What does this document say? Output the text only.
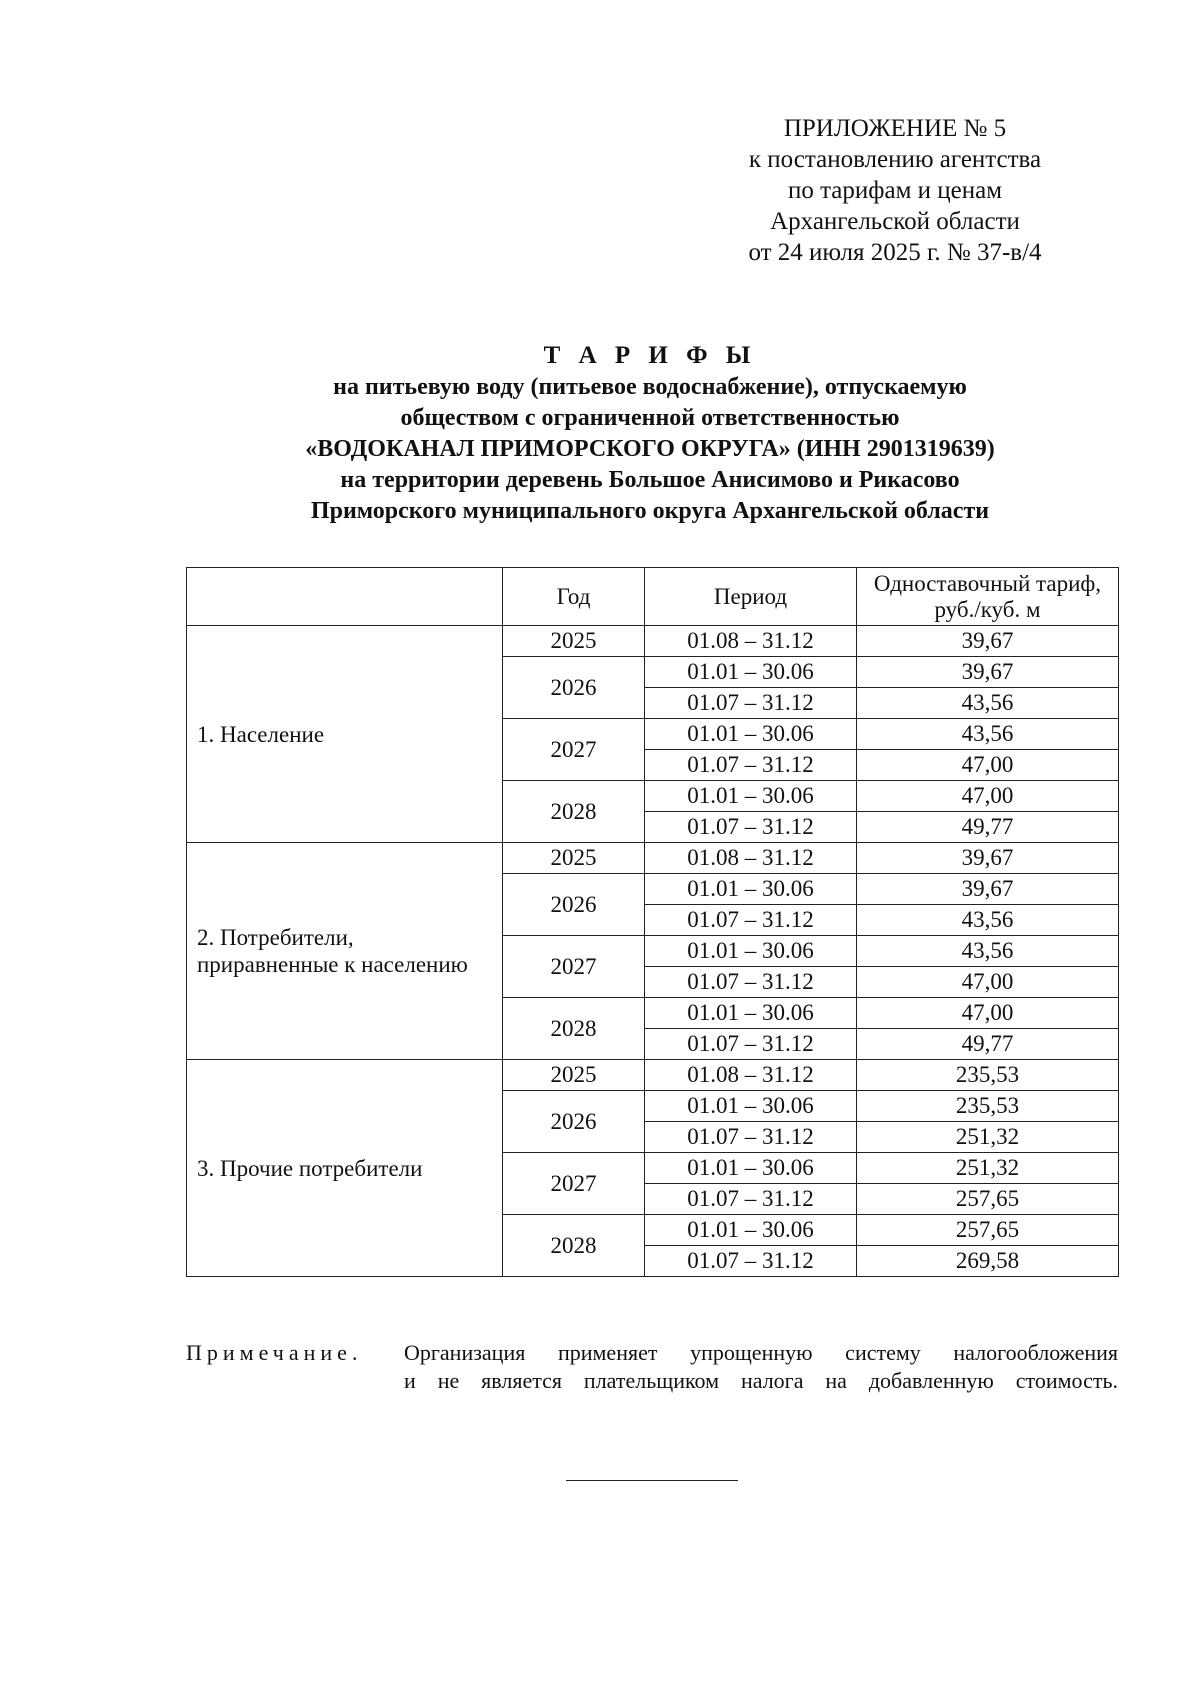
ПРИЛОЖЕНИЕ № 5
к постановлению агентства
по тарифам и ценам
Архангельской области
от 24 июля 2025 г. № 37-в/4
Т А Р И Ф Ы
на питьевую воду (питьевое водоснабжение), отпускаемую
обществом с ограниченной ответственностью
«ВОДОКАНАЛ ПРИМОРСКОГО ОКРУГА» (ИНН 2901319639)
на территории деревень Большое Анисимово и Рикасово
Приморского муниципального округа Архангельской области
	Год	Период	Одноставочный тариф,
руб./куб. м

1. Население	2025	01.08 – 31.12	39,67
	2026	01.01 – 30.06	39,67
		01.07 – 31.12	43,56
	2027	01.01 – 30.06	43,56
		01.07 – 31.12	47,00
	2028	01.01 – 30.06	47,00
		01.07 – 31.12	49,77

2. Потребители,
приравненные к населению	2025	01.08 – 31.12	39,67
	2026	01.01 – 30.06	39,67
		01.07 – 31.12	43,56
	2027	01.01 – 30.06	43,56
		01.07 – 31.12	47,00
	2028	01.01 – 30.06	47,00
		01.07 – 31.12	49,77

3. Прочие потребители	2025	01.08 – 31.12	235,53
	2026	01.01 – 30.06	235,53
		01.07 – 31.12	251,32
	2027	01.01 – 30.06	251,32
		01.07 – 31.12	257,65
	2028	01.01 – 30.06	257,65
		01.07 – 31.12	269,58
Примечание. Организация применяет упрощенную систему налогообложения
и не является плательщиком налога на добавленную стоимость.
